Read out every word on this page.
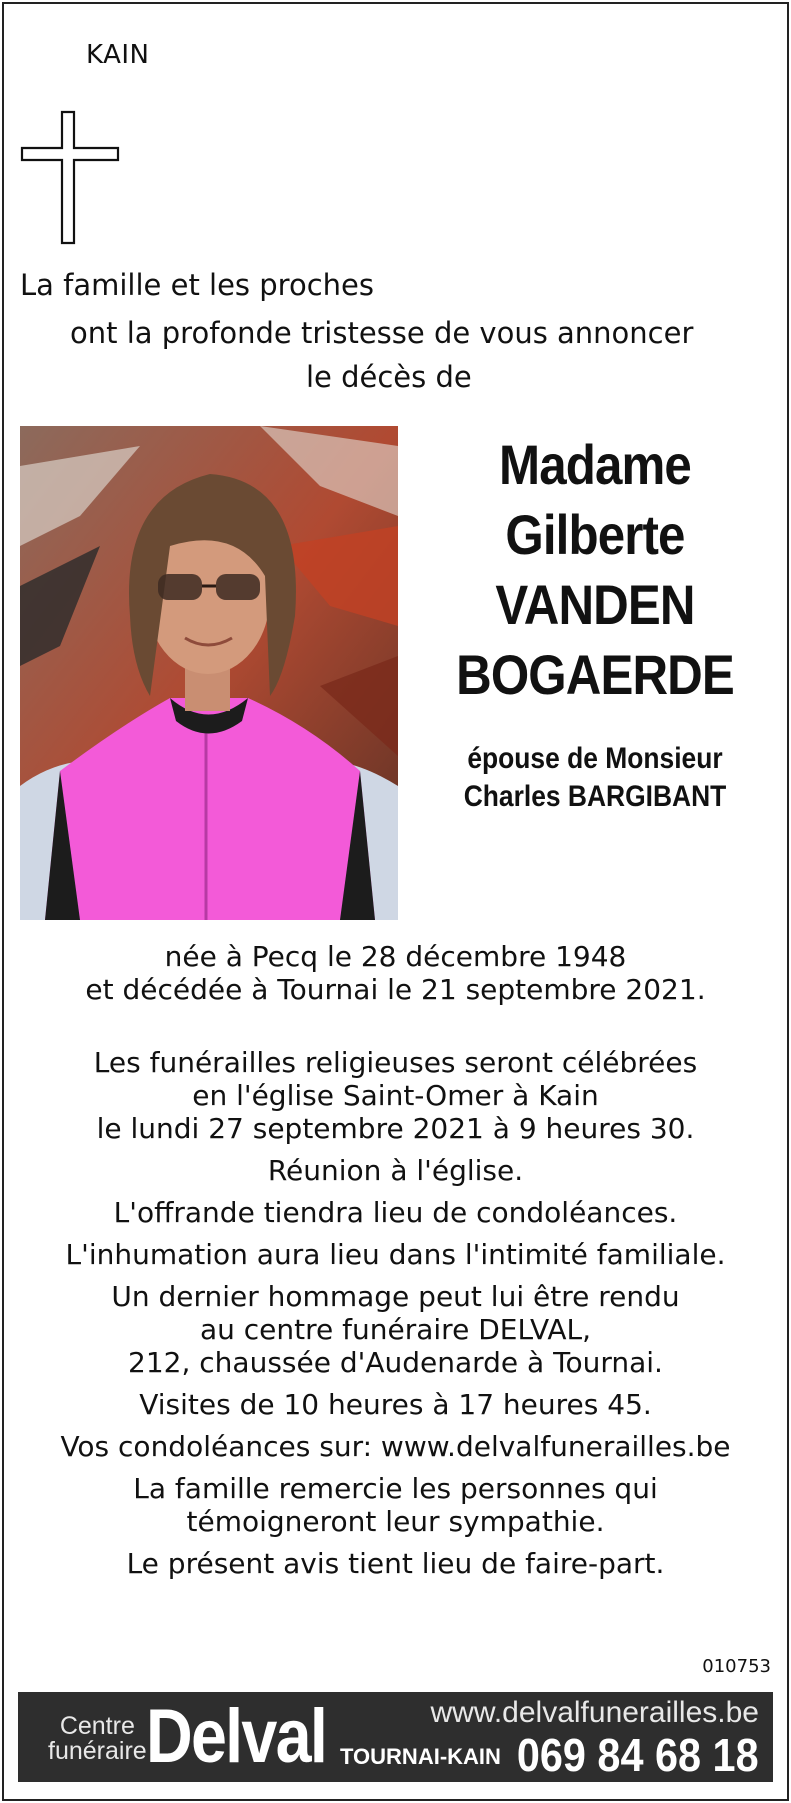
KAIN
La famille et les proches
ont la profonde tristesse de vous annoncer
le décès de
Madame
Gilberte
VANDEN
BOGAERDE
épouse de Monsieur
Charles BARGIBANT

née à Pecq le 28 décembre 1948

et décédée à Tournai le 21 septembre 2021.

Les funérailles religieuses seront célébrées

en l'église Saint-Omer à Kain

le lundi 27 septembre 2021 à 9 heures 30.

Réunion à l'église.

L'offrande tiendra lieu de condoléances.

L'inhumation aura lieu dans l'intimité familiale.

Un dernier hommage peut lui être rendu

au centre funéraire DELVAL,

212, chaussée d'Audenarde à Tournai.

Visites de 10 heures à 17 heures 45.

Vos condoléances sur: www.delvalfunerailles.be

La famille remercie les personnes qui

témoigneront leur sympathie.

Le présent avis tient lieu de faire-part.

010753
Centre
funéraire Delval	www.delvalfunerailles.be
TOURNAI-KAIN 069 84 68 18
